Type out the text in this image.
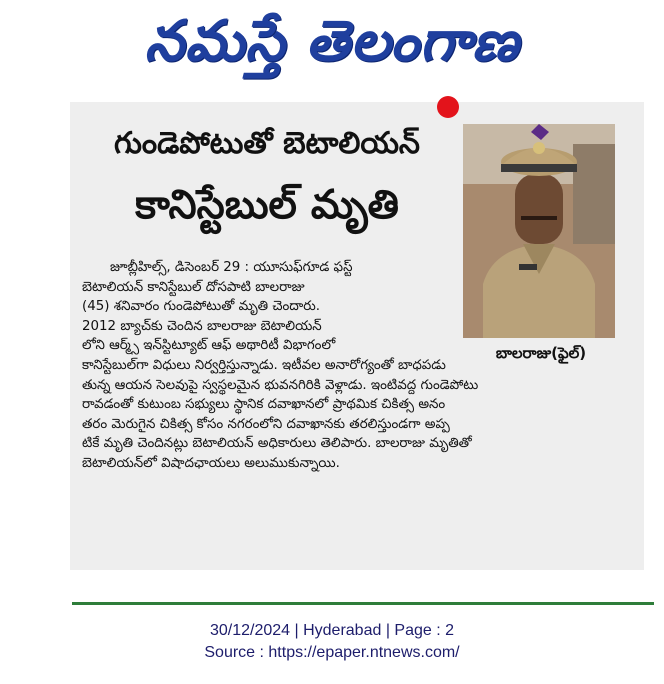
నమస్తే తెలంగాణ
గుండెపోటుతో బెటాలియన్
కానిస్టేబుల్ మృతి
బాలరాజు(ఫైల్)
జూబ్లీహిల్స్, డిసెంబర్ 29 : యూసుఫ్‌గూడ ఫస్ట్
బెటాలియన్ కానిస్టేబుల్ దోసపాటి బాలరాజు
(45) శనివారం గుండెపోటుతో మృతి చెందారు.
2012 బ్యాచ్‌కు చెందిన బాలరాజు బెటాలియన్
లోని ఆర్మ్స్ ఇన్‌స్టిట్యూట్ ఆఫ్ అథారిటీ విభాగంలో
కానిస్టేబుల్‌గా విధులు నిర్వర్తిస్తున్నాడు. ఇటీవల అనారోగ్యంతో బాధపడు
తున్న ఆయన సెలవుపై స్వస్థలమైన భువనగిరికి వెళ్లాడు. ఇంటివద్ద గుండెపోటు
రావడంతో కుటుంబ సభ్యులు స్థానిక దవాఖానలో ప్రాథమిక చికిత్స అనం
తరం మెరుగైన చికిత్స కోసం నగరంలోని దవాఖానకు తరలిస్తుండగా అప్ప
టికే మృతి చెందినట్లు బెటాలియన్ అధికారులు తెలిపారు. బాలరాజు మృతితో
బెటాలియన్‌లో విషాదఛాయలు అలుముకున్నాయి.
30/12/2024 | Hyderabad | Page : 2
Source : https://epaper.ntnews.com/
